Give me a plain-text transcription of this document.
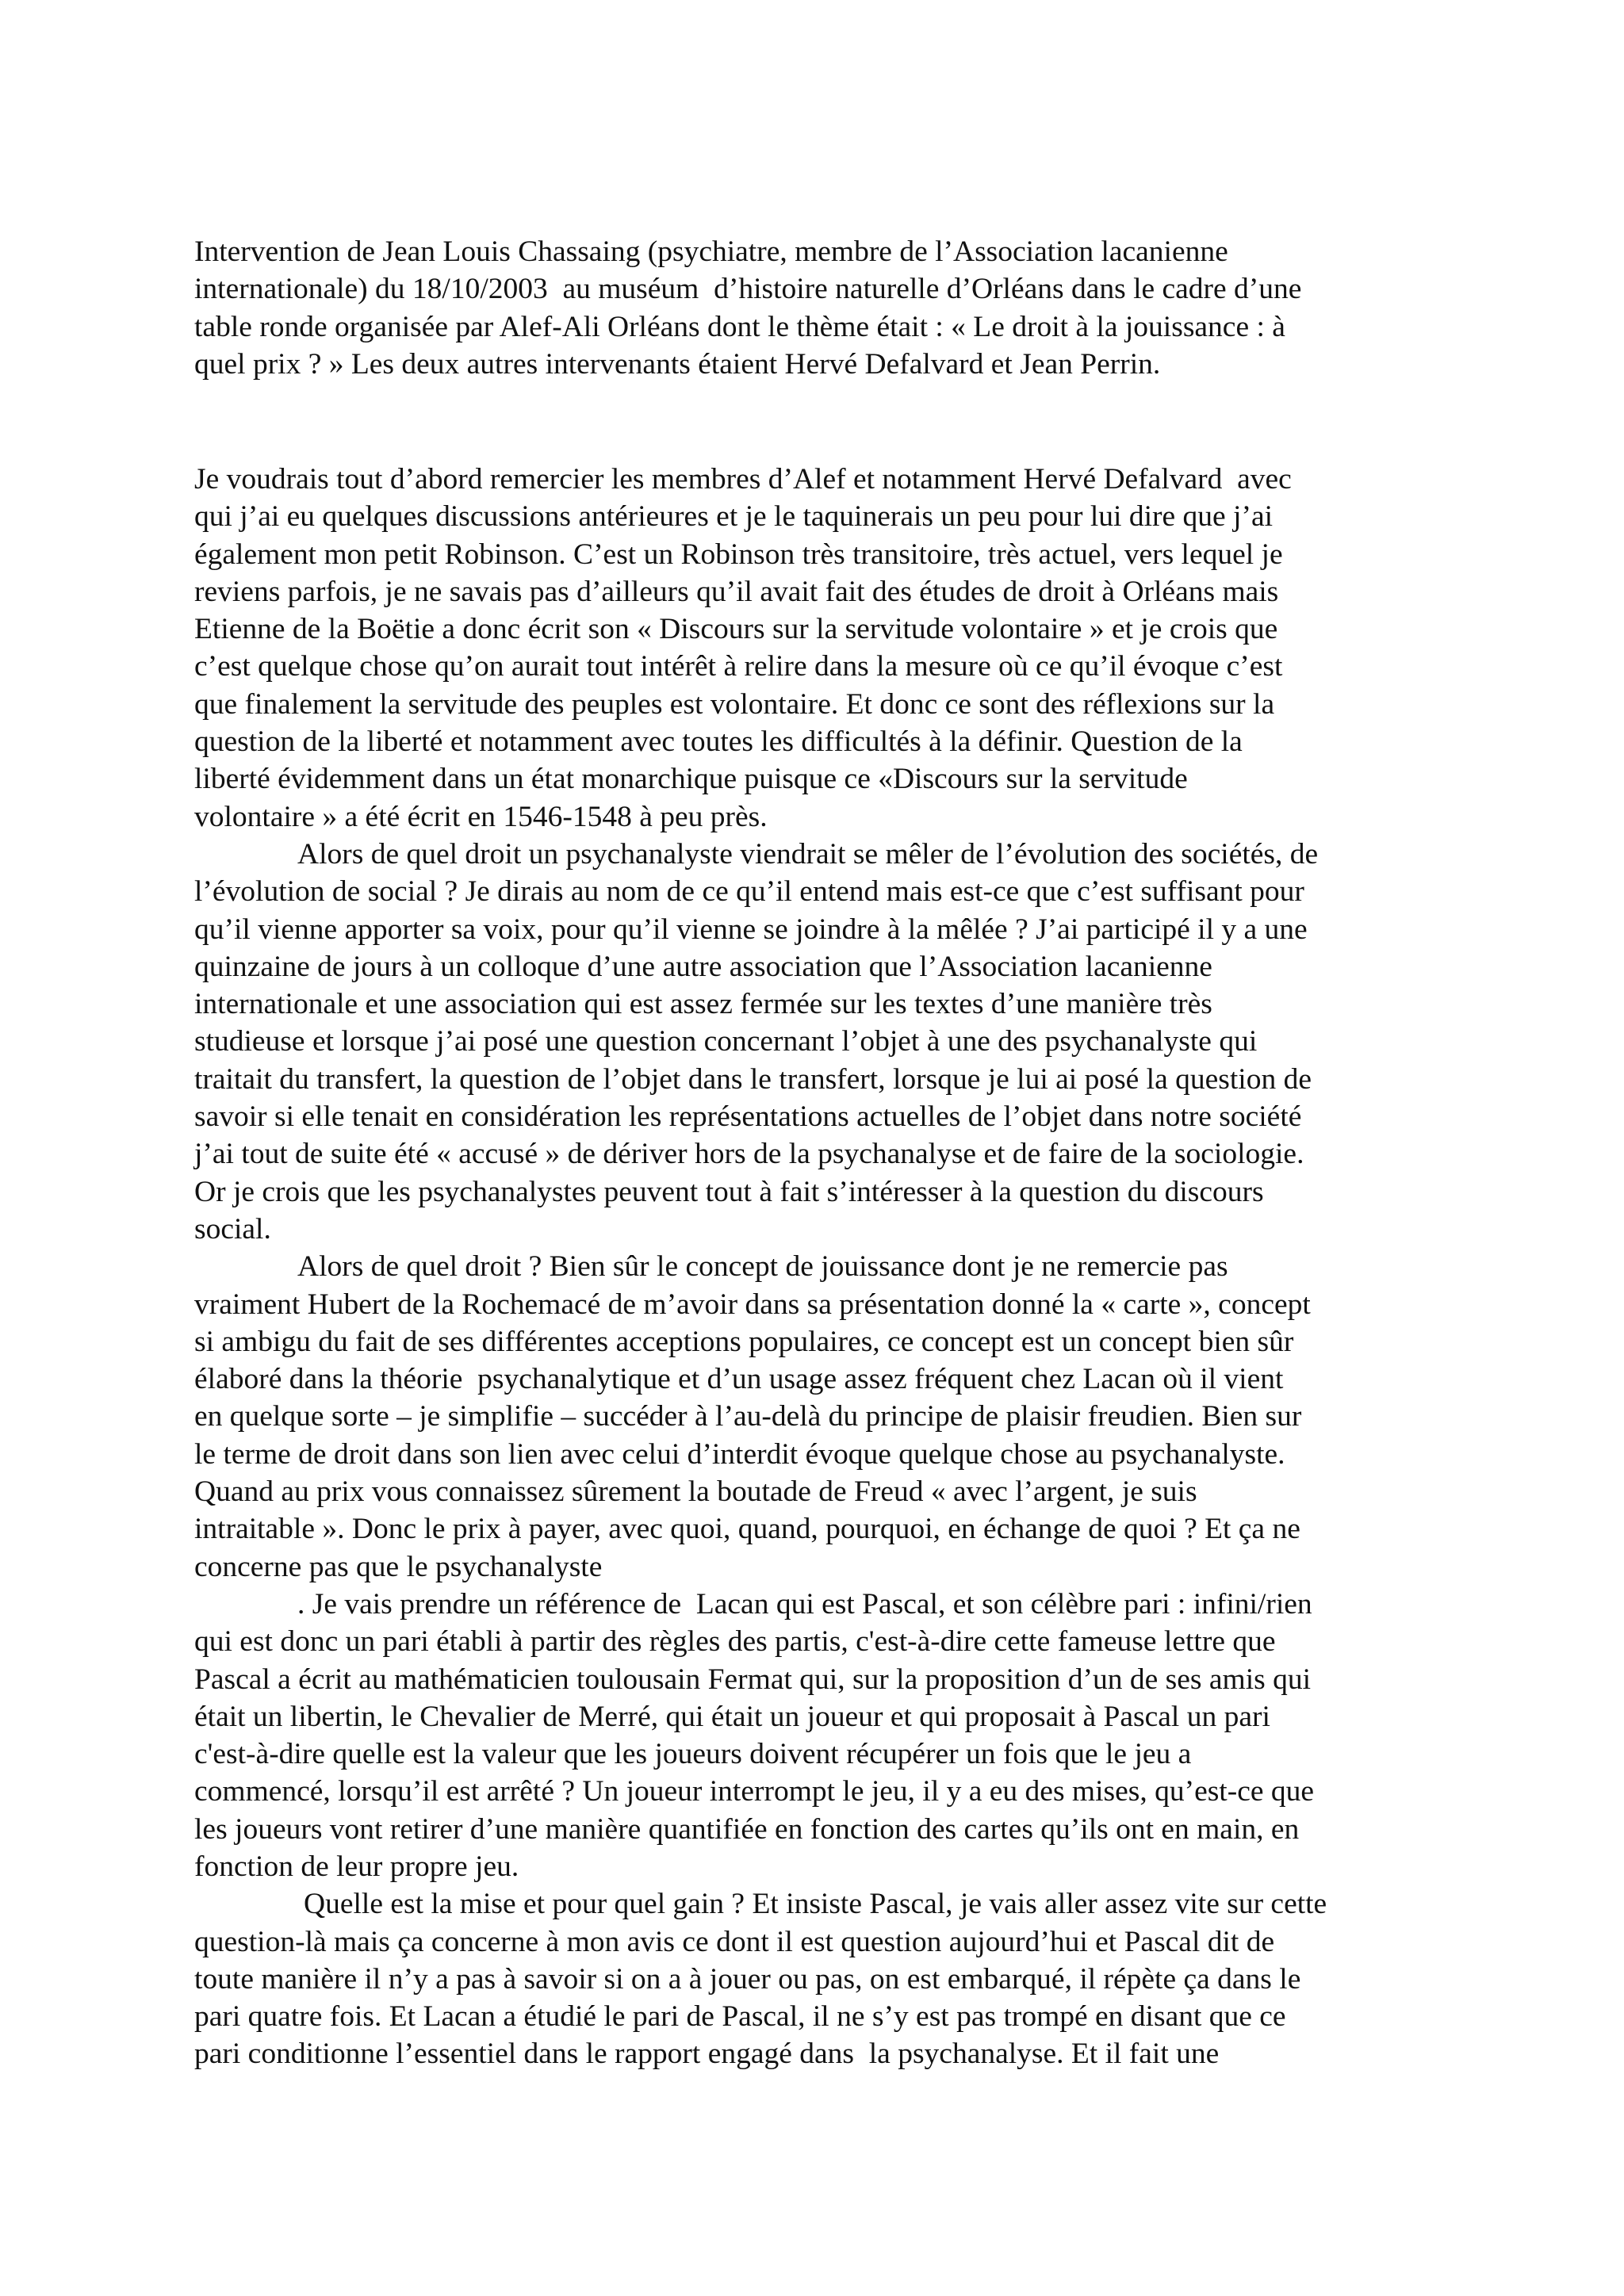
Intervention de Jean Louis Chassaing (psychiatre, membre de l’Association lacanienne
internationale) du 18/10/2003  au muséum  d’histoire naturelle d’Orléans dans le cadre d’une
table ronde organisée par Alef-Ali Orléans dont le thème était : « Le droit à la jouissance : à
quel prix ? » Les deux autres intervenants étaient Hervé Defalvard et Jean Perrin.
Je voudrais tout d’abord remercier les membres d’Alef et notamment Hervé Defalvard  avec
qui j’ai eu quelques discussions antérieures et je le taquinerais un peu pour lui dire que j’ai
également mon petit Robinson. C’est un Robinson très transitoire, très actuel, vers lequel je
reviens parfois, je ne savais pas d’ailleurs qu’il avait fait des études de droit à Orléans mais
Etienne de la Boëtie a donc écrit son « Discours sur la servitude volontaire » et je crois que
c’est quelque chose qu’on aurait tout intérêt à relire dans la mesure où ce qu’il évoque c’est
que finalement la servitude des peuples est volontaire. Et donc ce sont des réflexions sur la
question de la liberté et notamment avec toutes les difficultés à la définir. Question de la
liberté évidemment dans un état monarchique puisque ce «Discours sur la servitude
volontaire » a été écrit en 1546-1548 à peu près.
Alors de quel droit un psychanalyste viendrait se mêler de l’évolution des sociétés, de
l’évolution de social ? Je dirais au nom de ce qu’il entend mais est-ce que c’est suffisant pour
qu’il vienne apporter sa voix, pour qu’il vienne se joindre à la mêlée ? J’ai participé il y a une
quinzaine de jours à un colloque d’une autre association que l’Association lacanienne
internationale et une association qui est assez fermée sur les textes d’une manière très
studieuse et lorsque j’ai posé une question concernant l’objet à une des psychanalyste qui
traitait du transfert, la question de l’objet dans le transfert, lorsque je lui ai posé la question de
savoir si elle tenait en considération les représentations actuelles de l’objet dans notre société
j’ai tout de suite été « accusé » de dériver hors de la psychanalyse et de faire de la sociologie.
Or je crois que les psychanalystes peuvent tout à fait s’intéresser à la question du discours
social.
Alors de quel droit ? Bien sûr le concept de jouissance dont je ne remercie pas
vraiment Hubert de la Rochemacé de m’avoir dans sa présentation donné la « carte », concept
si ambigu du fait de ses différentes acceptions populaires, ce concept est un concept bien sûr
élaboré dans la théorie  psychanalytique et d’un usage assez fréquent chez Lacan où il vient
en quelque sorte – je simplifie – succéder à l’au-delà du principe de plaisir freudien. Bien sur
le terme de droit dans son lien avec celui d’interdit évoque quelque chose au psychanalyste.
Quand au prix vous connaissez sûrement la boutade de Freud « avec l’argent, je suis
intraitable ». Donc le prix à payer, avec quoi, quand, pourquoi, en échange de quoi ? Et ça ne
concerne pas que le psychanalyste
. Je vais prendre un référence de  Lacan qui est Pascal, et son célèbre pari : infini/rien
qui est donc un pari établi à partir des règles des partis, c'est-à-dire cette fameuse lettre que
Pascal a écrit au mathématicien toulousain Fermat qui, sur la proposition d’un de ses amis qui
était un libertin, le Chevalier de Merré, qui était un joueur et qui proposait à Pascal un pari
c'est-à-dire quelle est la valeur que les joueurs doivent récupérer un fois que le jeu a
commencé, lorsqu’il est arrêté ? Un joueur interrompt le jeu, il y a eu des mises, qu’est-ce que
les joueurs vont retirer d’une manière quantifiée en fonction des cartes qu’ils ont en main, en
fonction de leur propre jeu.
Quelle est la mise et pour quel gain ? Et insiste Pascal, je vais aller assez vite sur cette
question-là mais ça concerne à mon avis ce dont il est question aujourd’hui et Pascal dit de
toute manière il n’y a pas à savoir si on a à jouer ou pas, on est embarqué, il répète ça dans le
pari quatre fois. Et Lacan a étudié le pari de Pascal, il ne s’y est pas trompé en disant que ce
pari conditionne l’essentiel dans le rapport engagé dans  la psychanalyse. Et il fait une
